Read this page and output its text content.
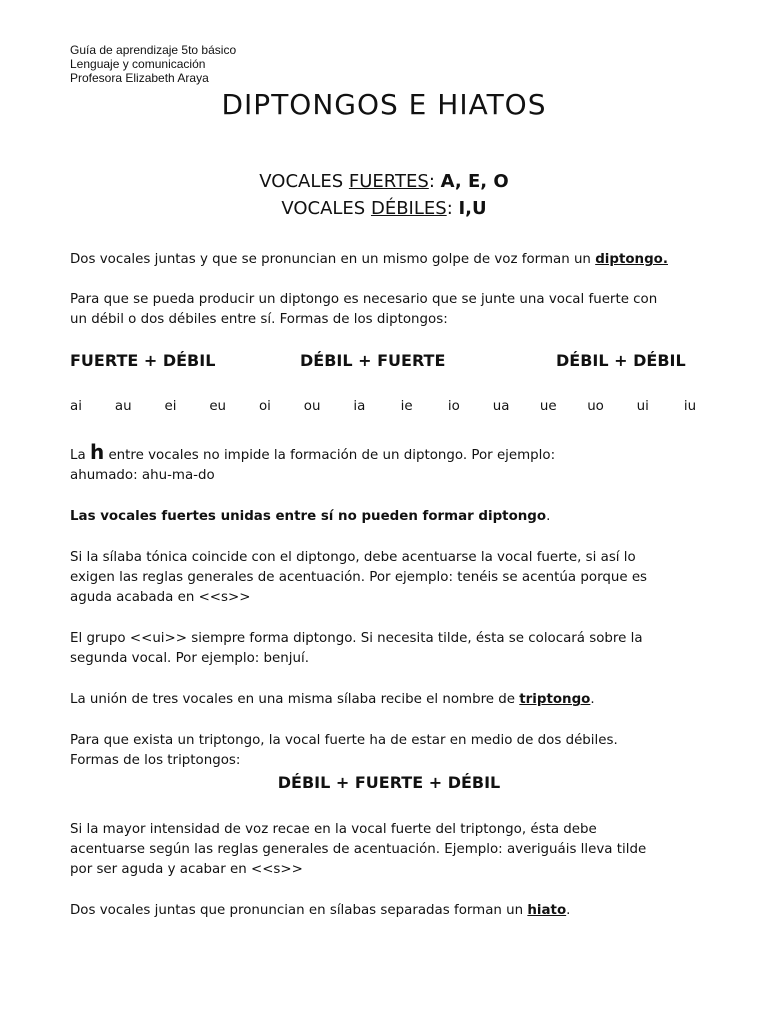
Guía de aprendizaje 5to básico
Lenguaje y comunicación
Profesora Elizabeth Araya
DIPTONGOS E HIATOS
VOCALES FUERTES: A, E, O
VOCALES DÉBILES: I,U
Dos vocales juntas y que se pronuncian en un mismo golpe de voz forman un diptongo.
Para que se pueda producir un diptongo es necesario que se junte una vocal fuerte con
un débil o dos débiles entre sí. Formas de los diptongos:
FUERTE + DÉBIL	DÉBIL + FUERTE	DÉBIL + DÉBIL
ai	au	ei	eu	oi	ou	ia	ie	io	ua	ue	uo	ui	iu
La h entre vocales no impide la formación de un diptongo. Por ejemplo:
ahumado: ahu-ma-do
Las vocales fuertes unidas entre sí no pueden formar diptongo.
Si la sílaba tónica coincide con el diptongo, debe acentuarse la vocal fuerte, si así lo
exigen las reglas generales de acentuación. Por ejemplo: tenéis se acentúa porque es
aguda acabada en <<s>>
El grupo <<ui>> siempre forma diptongo. Si necesita tilde, ésta se colocará sobre la
segunda vocal. Por ejemplo: benjuí.
La unión de tres vocales en una misma sílaba recibe el nombre de triptongo.
Para que exista un triptongo, la vocal fuerte ha de estar en medio de dos débiles.
Formas de los triptongos:
DÉBIL + FUERTE + DÉBIL
Si la mayor intensidad de voz recae en la vocal fuerte del triptongo, ésta debe
acentuarse según las reglas generales de acentuación. Ejemplo: averiguáis lleva tilde
por ser aguda y acabar en <<s>>
Dos vocales juntas que pronuncian en sílabas separadas forman un hiato.
